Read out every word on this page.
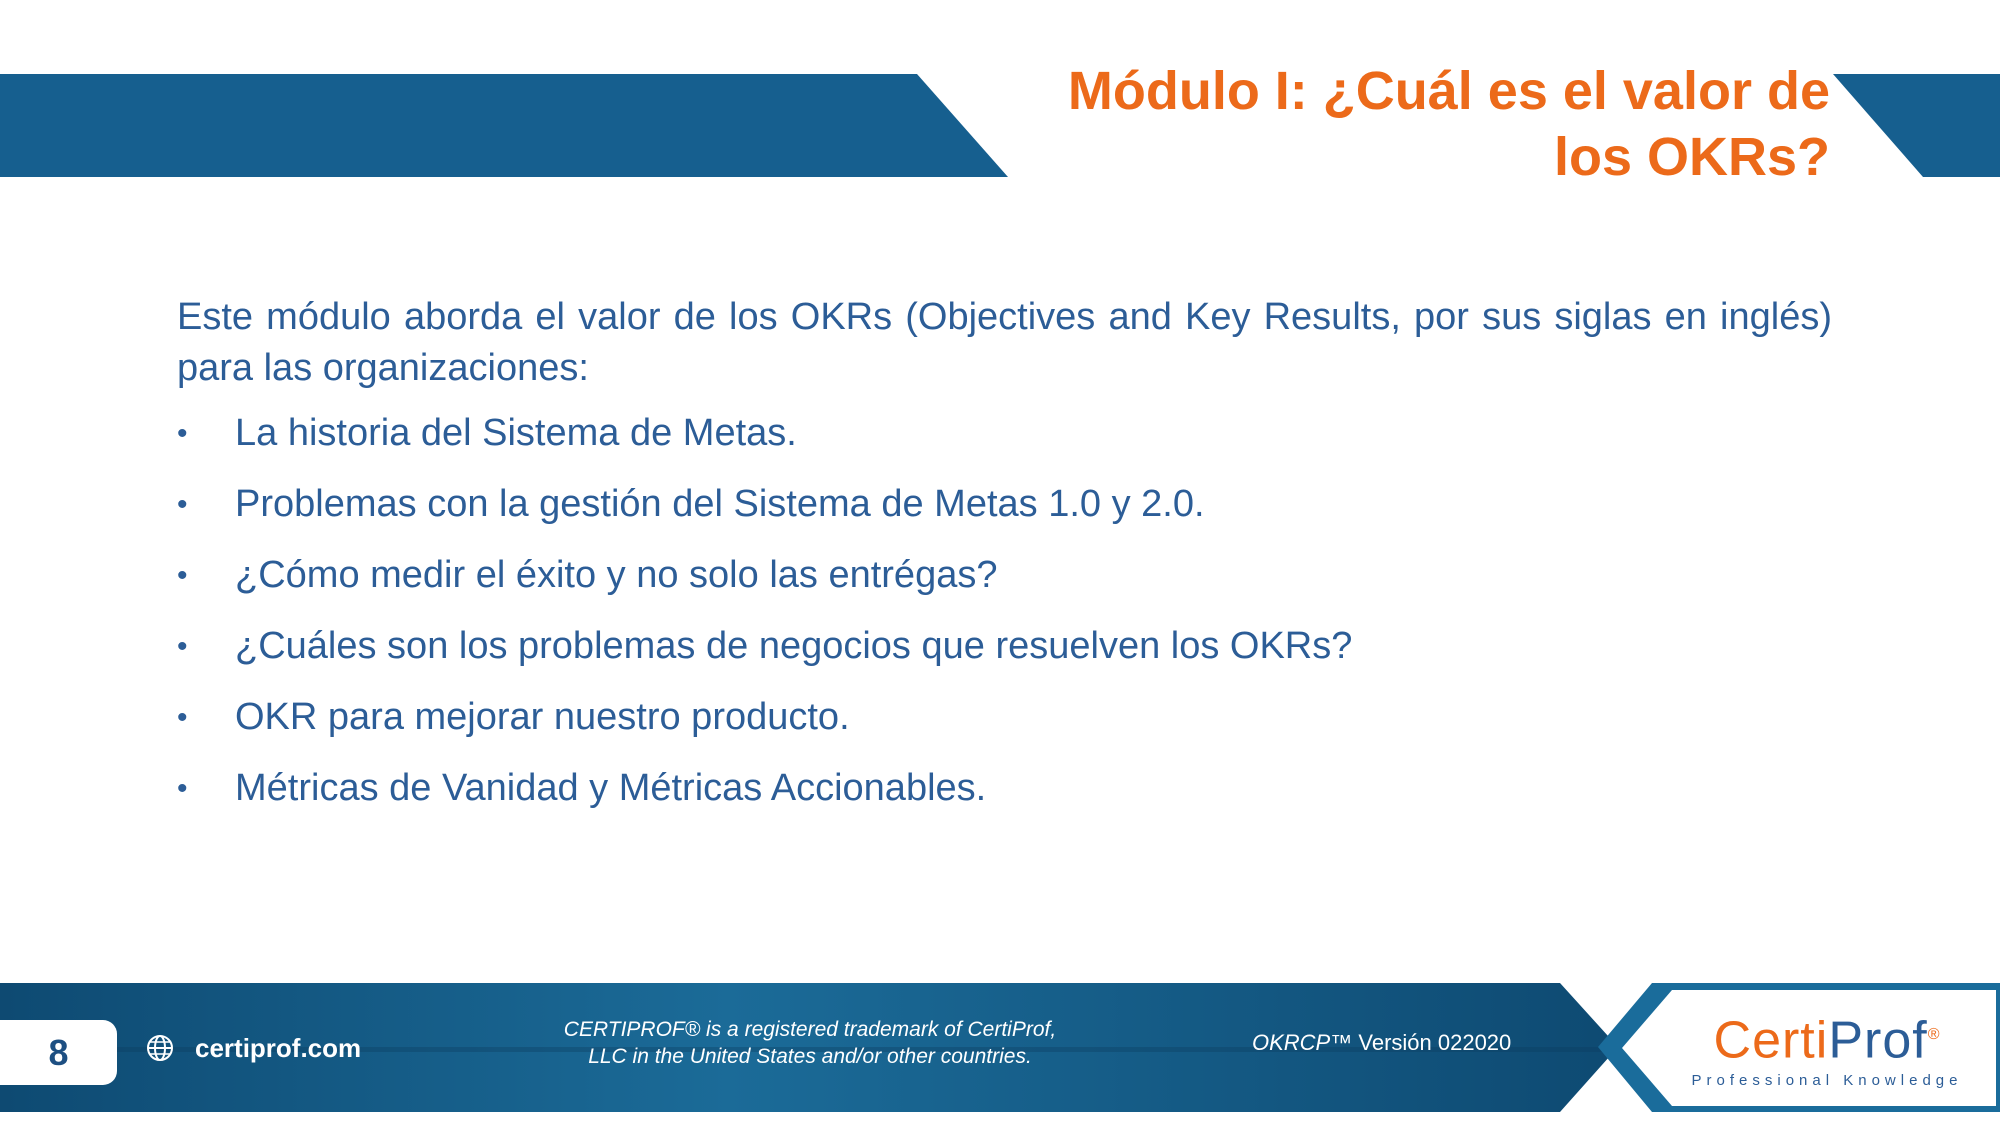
Módulo I: ¿Cuál es el valor de
los OKRs?

Este módulo aborda el valor de los OKRs (Objectives and Key Results, por sus siglas en inglés) para las organizaciones:

• La historia del Sistema de Metas.
• Problemas con la gestión del Sistema de Metas 1.0 y 2.0.
• ¿Cómo medir el éxito y no solo las entrégas?
• ¿Cuáles son los problemas de negocios que resuelven los OKRs?
• OKR para mejorar nuestro producto.
• Métricas de Vanidad y Métricas Accionables.
8	certiprof.com
CERTIPROF® is a registered trademark of CertiProf,
LLC in the United States and/or other countries.
OKRCP™ Versión 022020	CertiProf®
Professional Knowledge
